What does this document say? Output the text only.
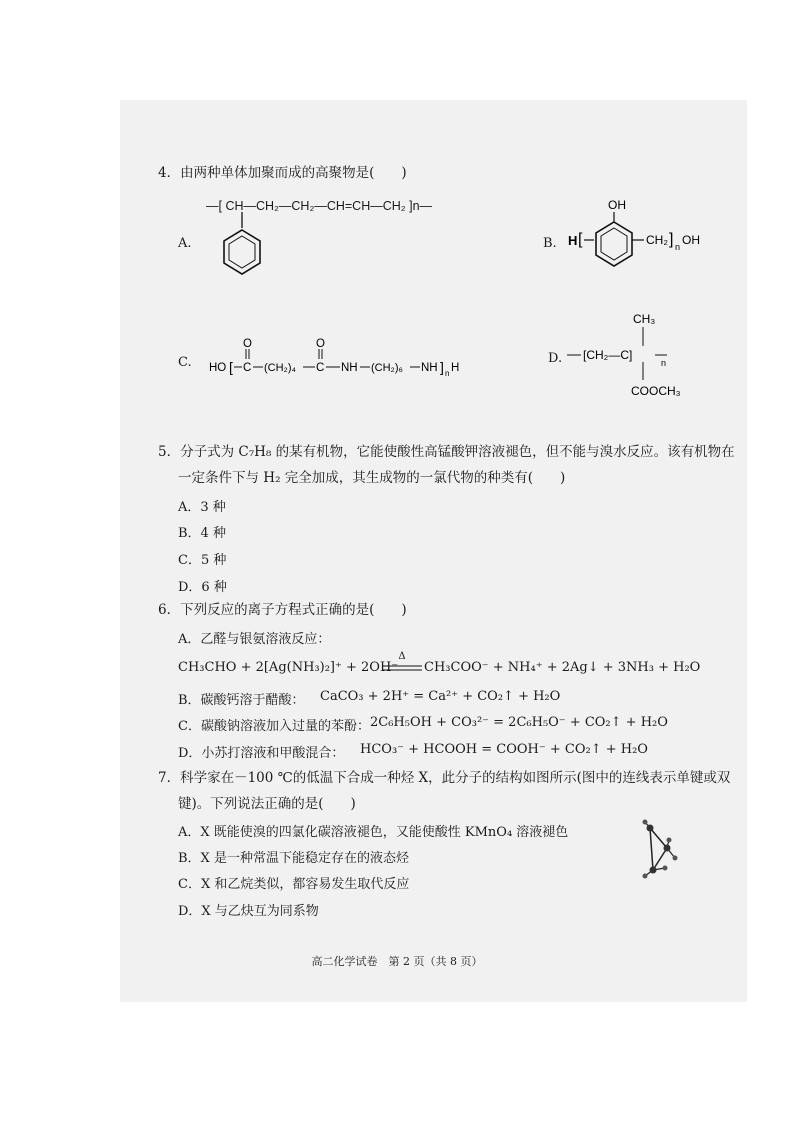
4．由两种单体加聚而成的高聚物是(　　)
A.
—[ CH—CH₂—CH₂—CH=CH—CH₂ ]n—
B. H [
OH
CH₂ ] n OH
C. HO [ C
O
(CH₂)₄ C
O
NH (CH₂)₆ NH ] n H
D.
CH₃
[CH₂—C]
n
COOCH₃
5．分子式为 C₇H₈ 的某有机物，它能使酸性高锰酸钾溶液褪色，但不能与溴水反应。该有机物在
一定条件下与 H₂ 完全加成，其生成物的一氯代物的种类有(　　)
A．3 种
B．4 种
C．5 种
D．6 种
6．下列反应的离子方程式正确的是(　　)
A．乙醛与银氨溶液反应：
CH₃CHO + 2[Ag(NH₃)₂]⁺ + 2OH⁻
Δ
CH₃COO⁻ + NH₄⁺ + 2Ag↓ + 3NH₃ + H₂O
B．碳酸钙溶于醋酸： CaCO₃ + 2H⁺ = Ca²⁺ + CO₂↑ + H₂O
C．碳酸钠溶液加入过量的苯酚： 2C₆H₅OH + CO₃²⁻ = 2C₆H₅O⁻ + CO₂↑ + H₂O
D．小苏打溶液和甲酸混合： HCO₃⁻ + HCOOH = COOH⁻ + CO₂↑ + H₂O
7．科学家在－100 ℃的低温下合成一种烃 X，此分子的结构如图所示(图中的连线表示单键或双
键)。下列说法正确的是(　　)
A．X 既能使溴的四氯化碳溶液褪色，又能使酸性 KMnO₄ 溶液褪色
B．X 是一种常温下能稳定存在的液态烃
C．X 和乙烷类似，都容易发生取代反应
D．X 与乙炔互为同系物
高二化学试卷　第 2 页（共 8 页）
